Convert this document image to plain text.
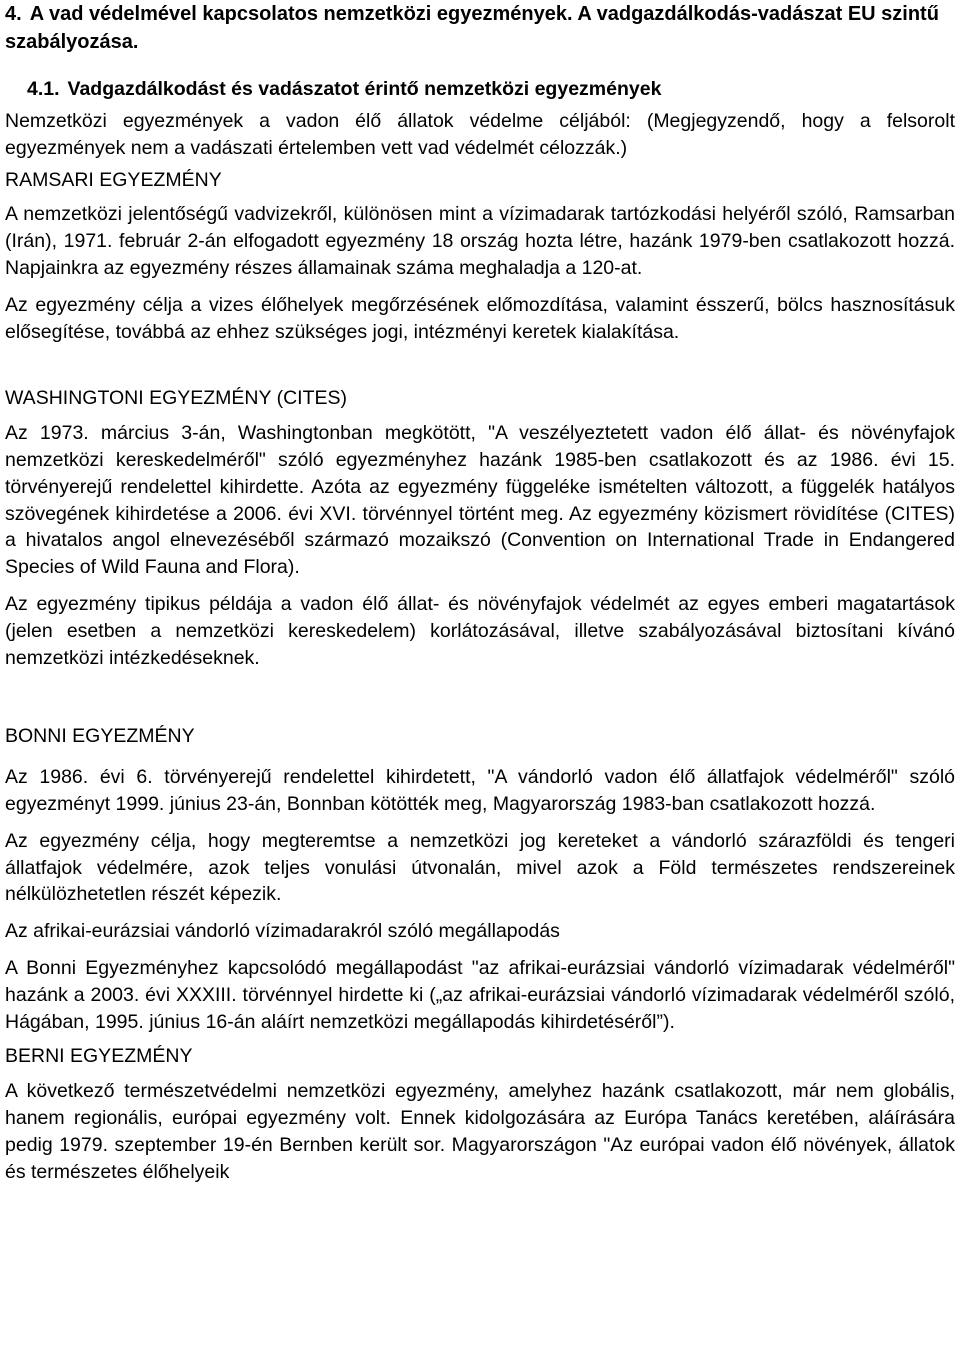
4. A vad védelmével kapcsolatos nemzetközi egyezmények. A vadgazdálkodás-vadászat EU szintű szabályozása.
4.1. Vadgazdálkodást és vadászatot érintő nemzetközi egyezmények

Nemzetközi egyezmények a vadon élő állatok védelme céljából: (Megjegyzendő, hogy a felsorolt egyezmények nem a vadászati értelemben vett vad védelmét célozzák.)

RAMSARI EGYEZMÉNY

A nemzetközi jelentőségű vadvizekről, különösen mint a vízimadarak tartózkodási helyéről szóló, Ramsarban (Irán), 1971. február 2-án elfogadott egyezmény 18 ország hozta létre, hazánk 1979-ben csatlakozott hozzá. Napjainkra az egyezmény részes államainak száma meghaladja a 120-at.

Az egyezmény célja a vizes élőhelyek megőrzésének előmozdítása, valamint ésszerű, bölcs hasznosításuk elősegítése, továbbá az ehhez szükséges jogi, intézményi keretek kialakítása.

WASHINGTONI EGYEZMÉNY (CITES)

Az 1973. március 3-án, Washingtonban megkötött, "A veszélyeztetett vadon élő állat- és növényfajok nemzetközi kereskedelméről" szóló egyezményhez hazánk 1985-ben csatlakozott és az 1986. évi 15. törvényerejű rendelettel kihirdette. Azóta az egyezmény függeléke ismételten változott, a függelék hatályos szövegének kihirdetése a 2006. évi XVI. törvénnyel történt meg. Az egyezmény közismert rövidítése (CITES) a hivatalos angol elnevezéséből származó mozaikszó (Convention on International Trade in Endangered Species of Wild Fauna and Flora).

Az egyezmény tipikus példája a vadon élő állat- és növényfajok védelmét az egyes emberi magatartások (jelen esetben a nemzetközi kereskedelem) korlátozásával, illetve szabályozásával biztosítani kívánó nemzetközi intézkedéseknek.

BONNI EGYEZMÉNY

Az 1986. évi 6. törvényerejű rendelettel kihirdetett, "A vándorló vadon élő állatfajok védelméről" szóló egyezményt 1999. június 23-án, Bonnban kötötték meg, Magyarország 1983-ban csatlakozott hozzá.

Az egyezmény célja, hogy megteremtse a nemzetközi jog kereteket a vándorló szárazföldi és tengeri állatfajok védelmére, azok teljes vonulási útvonalán, mivel azok a Föld természetes rendszereinek nélkülözhetetlen részét képezik.

Az afrikai-eurázsiai vándorló vízimadarakról szóló megállapodás

A Bonni Egyezményhez kapcsolódó megállapodást "az afrikai-eurázsiai vándorló vízimadarak védelméről" hazánk a 2003. évi XXXIII. törvénnyel hirdette ki („az afrikai-eurázsiai vándorló vízimadarak védelméről szóló, Hágában, 1995. június 16-án aláírt nemzetközi megállapodás kihirdetéséről”).

BERNI EGYEZMÉNY

A következő természetvédelmi nemzetközi egyezmény, amelyhez hazánk csatlakozott, már nem globális, hanem regionális, európai egyezmény volt. Ennek kidolgozására az Európa Tanács keretében, aláírására pedig 1979. szeptember 19-én Bernben került sor. Magyarországon "Az európai vadon élő növények, állatok és természetes élőhelyeik
